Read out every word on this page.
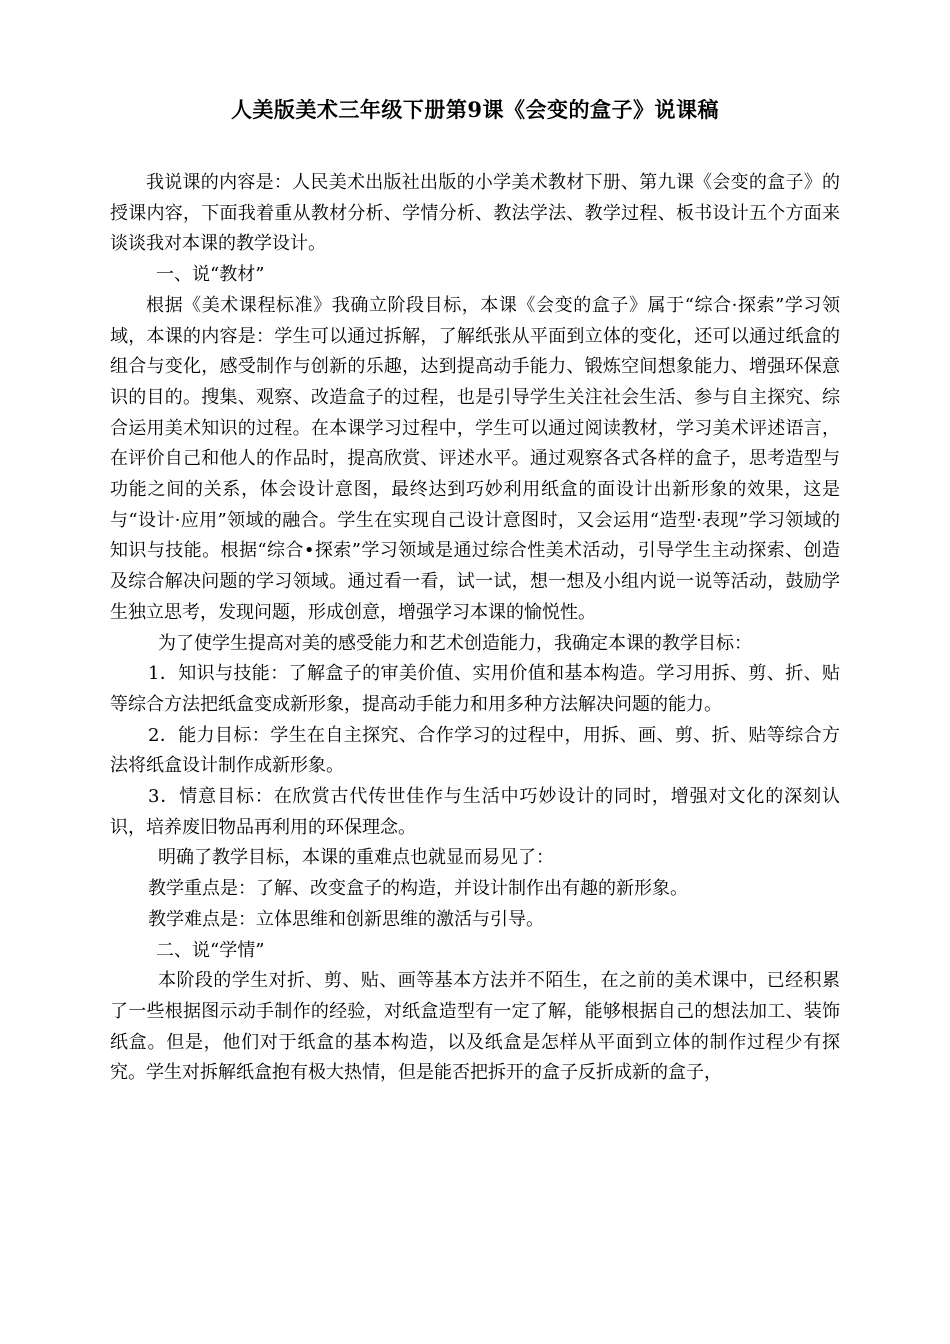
人美版美术三年级下册第9课《会变的盒子》说课稿

我说课的内容是：人民美术出版社出版的小学美术教材下册、第九课《会变的盒子》的授课内容，下面我着重从教材分析、学情分析、教法学法、教学过程、板书设计五个方面来谈谈我对本课的教学设计。

一、说“教材”

根据《美术课程标准》我确立阶段目标，本课《会变的盒子》属于“综合·探索”学习领域，本课的内容是：学生可以通过拆解，了解纸张从平面到立体的变化，还可以通过纸盒的组合与变化，感受制作与创新的乐趣，达到提高动手能力、锻炼空间想象能力、增强环保意识的目的。搜集、观察、改造盒子的过程，也是引导学生关注社会生活、参与自主探究、综合运用美术知识的过程。在本课学习过程中，学生可以通过阅读教材，学习美术评述语言，在评价自己和他人的作品时，提高欣赏、评述水平。通过观察各式各样的盒子，思考造型与功能之间的关系，体会设计意图，最终达到巧妙利用纸盒的面设计出新形象的效果，这是与“设计·应用”领域的融合。学生在实现自己设计意图时，又会运用“造型·表现”学习领域的知识与技能。根据“综合•探索”学习领域是通过综合性美术活动，引导学生主动探索、创造及综合解决问题的学习领域。通过看一看，试一试，想一想及小组内说一说等活动，鼓励学生独立思考，发现问题，形成创意，增强学习本课的愉悦性。

为了使学生提高对美的感受能力和艺术创造能力，我确定本课的教学目标：

1．知识与技能：了解盒子的审美价值、实用价值和基本构造。学习用拆、剪、折、贴等综合方法把纸盒变成新形象，提高动手能力和用多种方法解决问题的能力。

2．能力目标：学生在自主探究、合作学习的过程中，用拆、画、剪、折、贴等综合方法将纸盒设计制作成新形象。

3．情意目标：在欣赏古代传世佳作与生活中巧妙设计的同时，增强对文化的深刻认识，培养废旧物品再利用的环保理念。

明确了教学目标，本课的重难点也就显而易见了：

教学重点是：了解、改变盒子的构造，并设计制作出有趣的新形象。

教学难点是：立体思维和创新思维的激活与引导。

二、说“学情”

本阶段的学生对折、剪、贴、画等基本方法并不陌生，在之前的美术课中，已经积累了一些根据图示动手制作的经验，对纸盒造型有一定了解，能够根据自己的想法加工、装饰纸盒。但是，他们对于纸盒的基本构造，以及纸盒是怎样从平面到立体的制作过程少有探究。学生对拆解纸盒抱有极大热情，但是能否把拆开的盒子反折成新的盒子，
